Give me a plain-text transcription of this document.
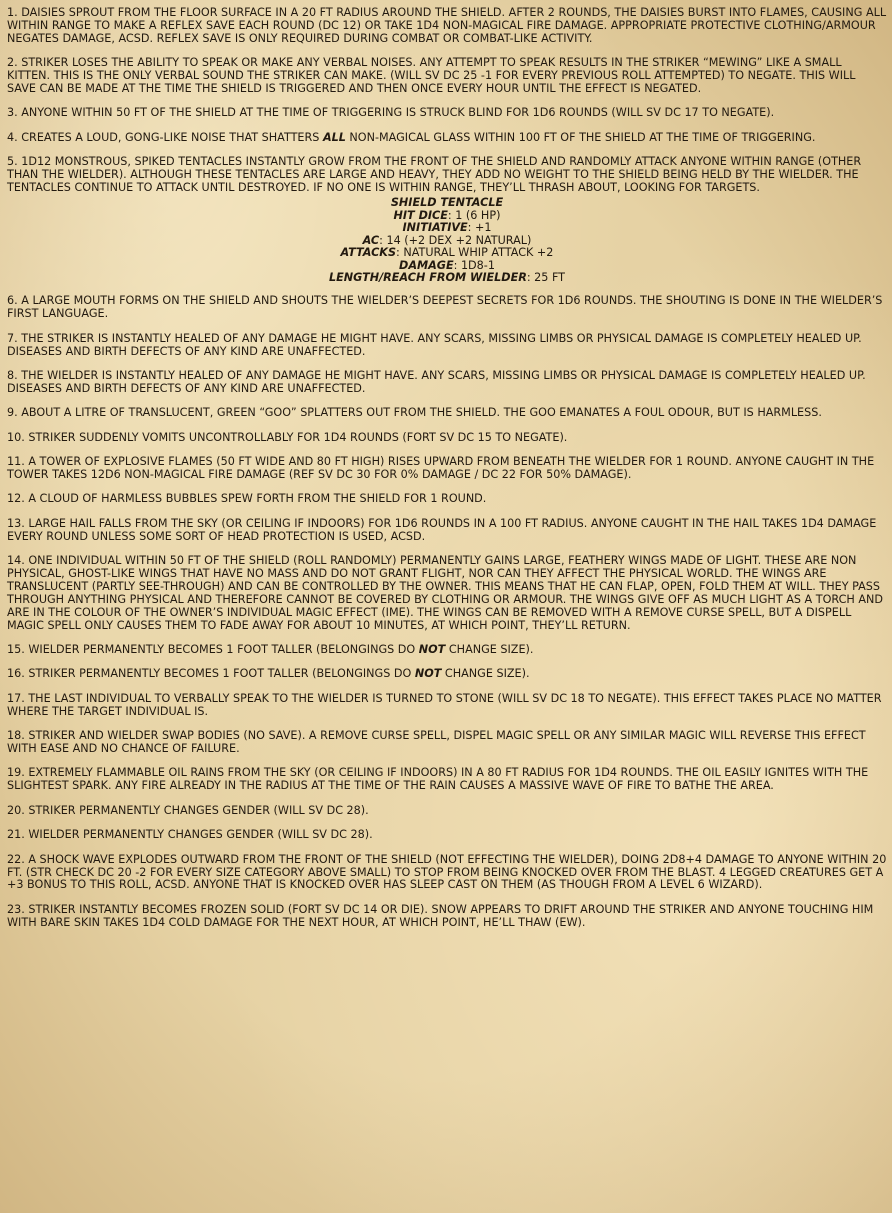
1. DAISIES SPROUT FROM THE FLOOR SURFACE IN A 20 FT RADIUS AROUND THE SHIELD. AFTER 2 ROUNDS, THE DAISIES BURST INTO FLAMES, CAUSING ALL WITHIN RANGE TO MAKE A REFLEX SAVE EACH ROUND (DC 12) OR TAKE 1D4 NON-MAGICAL FIRE DAMAGE. APPROPRIATE PROTECTIVE CLOTHING/ARMOUR NEGATES DAMAGE, ACSD. REFLEX SAVE IS ONLY REQUIRED DURING COMBAT OR COMBAT-LIKE ACTIVITY.

2. STRIKER LOSES THE ABILITY TO SPEAK OR MAKE ANY VERBAL NOISES. ANY ATTEMPT TO SPEAK RESULTS IN THE STRIKER “MEWING” LIKE A SMALL KITTEN. THIS IS THE ONLY VERBAL SOUND THE STRIKER CAN MAKE. (WILL SV DC 25 -1 FOR EVERY PREVIOUS ROLL ATTEMPTED) TO NEGATE. THIS WILL SAVE CAN BE MADE AT THE TIME THE SHIELD IS TRIGGERED AND THEN ONCE EVERY HOUR UNTIL THE EFFECT IS NEGATED.

3. ANYONE WITHIN 50 FT OF THE SHIELD AT THE TIME OF TRIGGERING IS STRUCK BLIND FOR 1D6 ROUNDS (WILL SV DC 17 TO NEGATE).

4. CREATES A LOUD, GONG-LIKE NOISE THAT SHATTERS ALL NON-MAGICAL GLASS WITHIN 100 FT OF THE SHIELD AT THE TIME OF TRIGGERING.

5. 1D12 MONSTROUS, SPIKED TENTACLES INSTANTLY GROW FROM THE FRONT OF THE SHIELD AND RANDOMLY ATTACK ANYONE WITHIN RANGE (OTHER THAN THE WIELDER). ALTHOUGH THESE TENTACLES ARE LARGE AND HEAVY, THEY ADD NO WEIGHT TO THE SHIELD BEING HELD BY THE WIELDER. THE TENTACLES CONTINUE TO ATTACK UNTIL DESTROYED. IF NO ONE IS WITHIN RANGE, THEY’LL THRASH ABOUT, LOOKING FOR TARGETS.

SHIELD TENTACLE
HIT DICE: 1 (6 HP)
INITIATIVE: +1
AC: 14 (+2 DEX +2 NATURAL)
ATTACKS: NATURAL WHIP ATTACK +2
DAMAGE: 1D8-1
LENGTH/REACH FROM WIELDER: 25 FT

6. A LARGE MOUTH FORMS ON THE SHIELD AND SHOUTS THE WIELDER’S DEEPEST SECRETS FOR 1D6 ROUNDS. THE SHOUTING IS DONE IN THE WIELDER’S FIRST LANGUAGE.

7. THE STRIKER IS INSTANTLY HEALED OF ANY DAMAGE HE MIGHT HAVE. ANY SCARS, MISSING LIMBS OR PHYSICAL DAMAGE IS COMPLETELY HEALED UP. DISEASES AND BIRTH DEFECTS OF ANY KIND ARE UNAFFECTED.

8. THE WIELDER IS INSTANTLY HEALED OF ANY DAMAGE HE MIGHT HAVE. ANY SCARS, MISSING LIMBS OR PHYSICAL DAMAGE IS COMPLETELY HEALED UP. DISEASES AND BIRTH DEFECTS OF ANY KIND ARE UNAFFECTED.

9. ABOUT A LITRE OF TRANSLUCENT, GREEN “GOO” SPLATTERS OUT FROM THE SHIELD. THE GOO EMANATES A FOUL ODOUR, BUT IS HARMLESS.

10. STRIKER SUDDENLY VOMITS UNCONTROLLABLY FOR 1D4 ROUNDS (FORT SV DC 15 TO NEGATE).

11. A TOWER OF EXPLOSIVE FLAMES (50 FT WIDE AND 80 FT HIGH) RISES UPWARD FROM BENEATH THE WIELDER FOR 1 ROUND. ANYONE CAUGHT IN THE TOWER TAKES 12D6 NON-MAGICAL FIRE DAMAGE (REF SV DC 30 FOR 0% DAMAGE / DC 22 FOR 50% DAMAGE).

12. A CLOUD OF HARMLESS BUBBLES SPEW FORTH FROM THE SHIELD FOR 1 ROUND.

13. LARGE HAIL FALLS FROM THE SKY (OR CEILING IF INDOORS) FOR 1D6 ROUNDS IN A 100 FT RADIUS. ANYONE CAUGHT IN THE HAIL TAKES 1D4 DAMAGE EVERY ROUND UNLESS SOME SORT OF HEAD PROTECTION IS USED, ACSD.

14. ONE INDIVIDUAL WITHIN 50 FT OF THE SHIELD (ROLL RANDOMLY) PERMANENTLY GAINS LARGE, FEATHERY WINGS MADE OF LIGHT. THESE ARE NON PHYSICAL, GHOST-LIKE WINGS THAT HAVE NO MASS AND DO NOT GRANT FLIGHT, NOR CAN THEY AFFECT THE PHYSICAL WORLD. THE WINGS ARE TRANSLUCENT (PARTLY SEE-THROUGH) AND CAN BE CONTROLLED BY THE OWNER. THIS MEANS THAT HE CAN FLAP, OPEN, FOLD THEM AT WILL. THEY PASS THROUGH ANYTHING PHYSICAL AND THEREFORE CANNOT BE COVERED BY CLOTHING OR ARMOUR. THE WINGS GIVE OFF AS MUCH LIGHT AS A TORCH AND ARE IN THE COLOUR OF THE OWNER’S INDIVIDUAL MAGIC EFFECT (IME). THE WINGS CAN BE REMOVED WITH A REMOVE CURSE SPELL, BUT A DISPELL MAGIC SPELL ONLY CAUSES THEM TO FADE AWAY FOR ABOUT 10 MINUTES, AT WHICH POINT, THEY’LL RETURN.

15. WIELDER PERMANENTLY BECOMES 1 FOOT TALLER (BELONGINGS DO NOT CHANGE SIZE).

16. STRIKER PERMANENTLY BECOMES 1 FOOT TALLER (BELONGINGS DO NOT CHANGE SIZE).

17. THE LAST INDIVIDUAL TO VERBALLY SPEAK TO THE WIELDER IS TURNED TO STONE (WILL SV DC 18 TO NEGATE). THIS EFFECT TAKES PLACE NO MATTER WHERE THE TARGET INDIVIDUAL IS.

18. STRIKER AND WIELDER SWAP BODIES (NO SAVE). A REMOVE CURSE SPELL, DISPEL MAGIC SPELL OR ANY SIMILAR MAGIC WILL REVERSE THIS EFFECT WITH EASE AND NO CHANCE OF FAILURE.

19. EXTREMELY FLAMMABLE OIL RAINS FROM THE SKY (OR CEILING IF INDOORS) IN A 80 FT RADIUS FOR 1D4 ROUNDS. THE OIL EASILY IGNITES WITH THE SLIGHTEST SPARK. ANY FIRE ALREADY IN THE RADIUS AT THE TIME OF THE RAIN CAUSES A MASSIVE WAVE OF FIRE TO BATHE THE AREA.

20. STRIKER PERMANENTLY CHANGES GENDER (WILL SV DC 28).

21. WIELDER PERMANENTLY CHANGES GENDER (WILL SV DC 28).

22. A SHOCK WAVE EXPLODES OUTWARD FROM THE FRONT OF THE SHIELD (NOT EFFECTING THE WIELDER), DOING 2D8+4 DAMAGE TO ANYONE WITHIN 20 FT. (STR CHECK DC 20 -2 FOR EVERY SIZE CATEGORY ABOVE SMALL) TO STOP FROM BEING KNOCKED OVER FROM THE BLAST. 4 LEGGED CREATURES GET A +3 BONUS TO THIS ROLL, ACSD. ANYONE THAT IS KNOCKED OVER HAS SLEEP CAST ON THEM (AS THOUGH FROM A LEVEL 6 WIZARD).

23. STRIKER INSTANTLY BECOMES FROZEN SOLID (FORT SV DC 14 OR DIE). SNOW APPEARS TO DRIFT AROUND THE STRIKER AND ANYONE TOUCHING HIM WITH BARE SKIN TAKES 1D4 COLD DAMAGE FOR THE NEXT HOUR, AT WHICH POINT, HE’LL THAW (EW).
